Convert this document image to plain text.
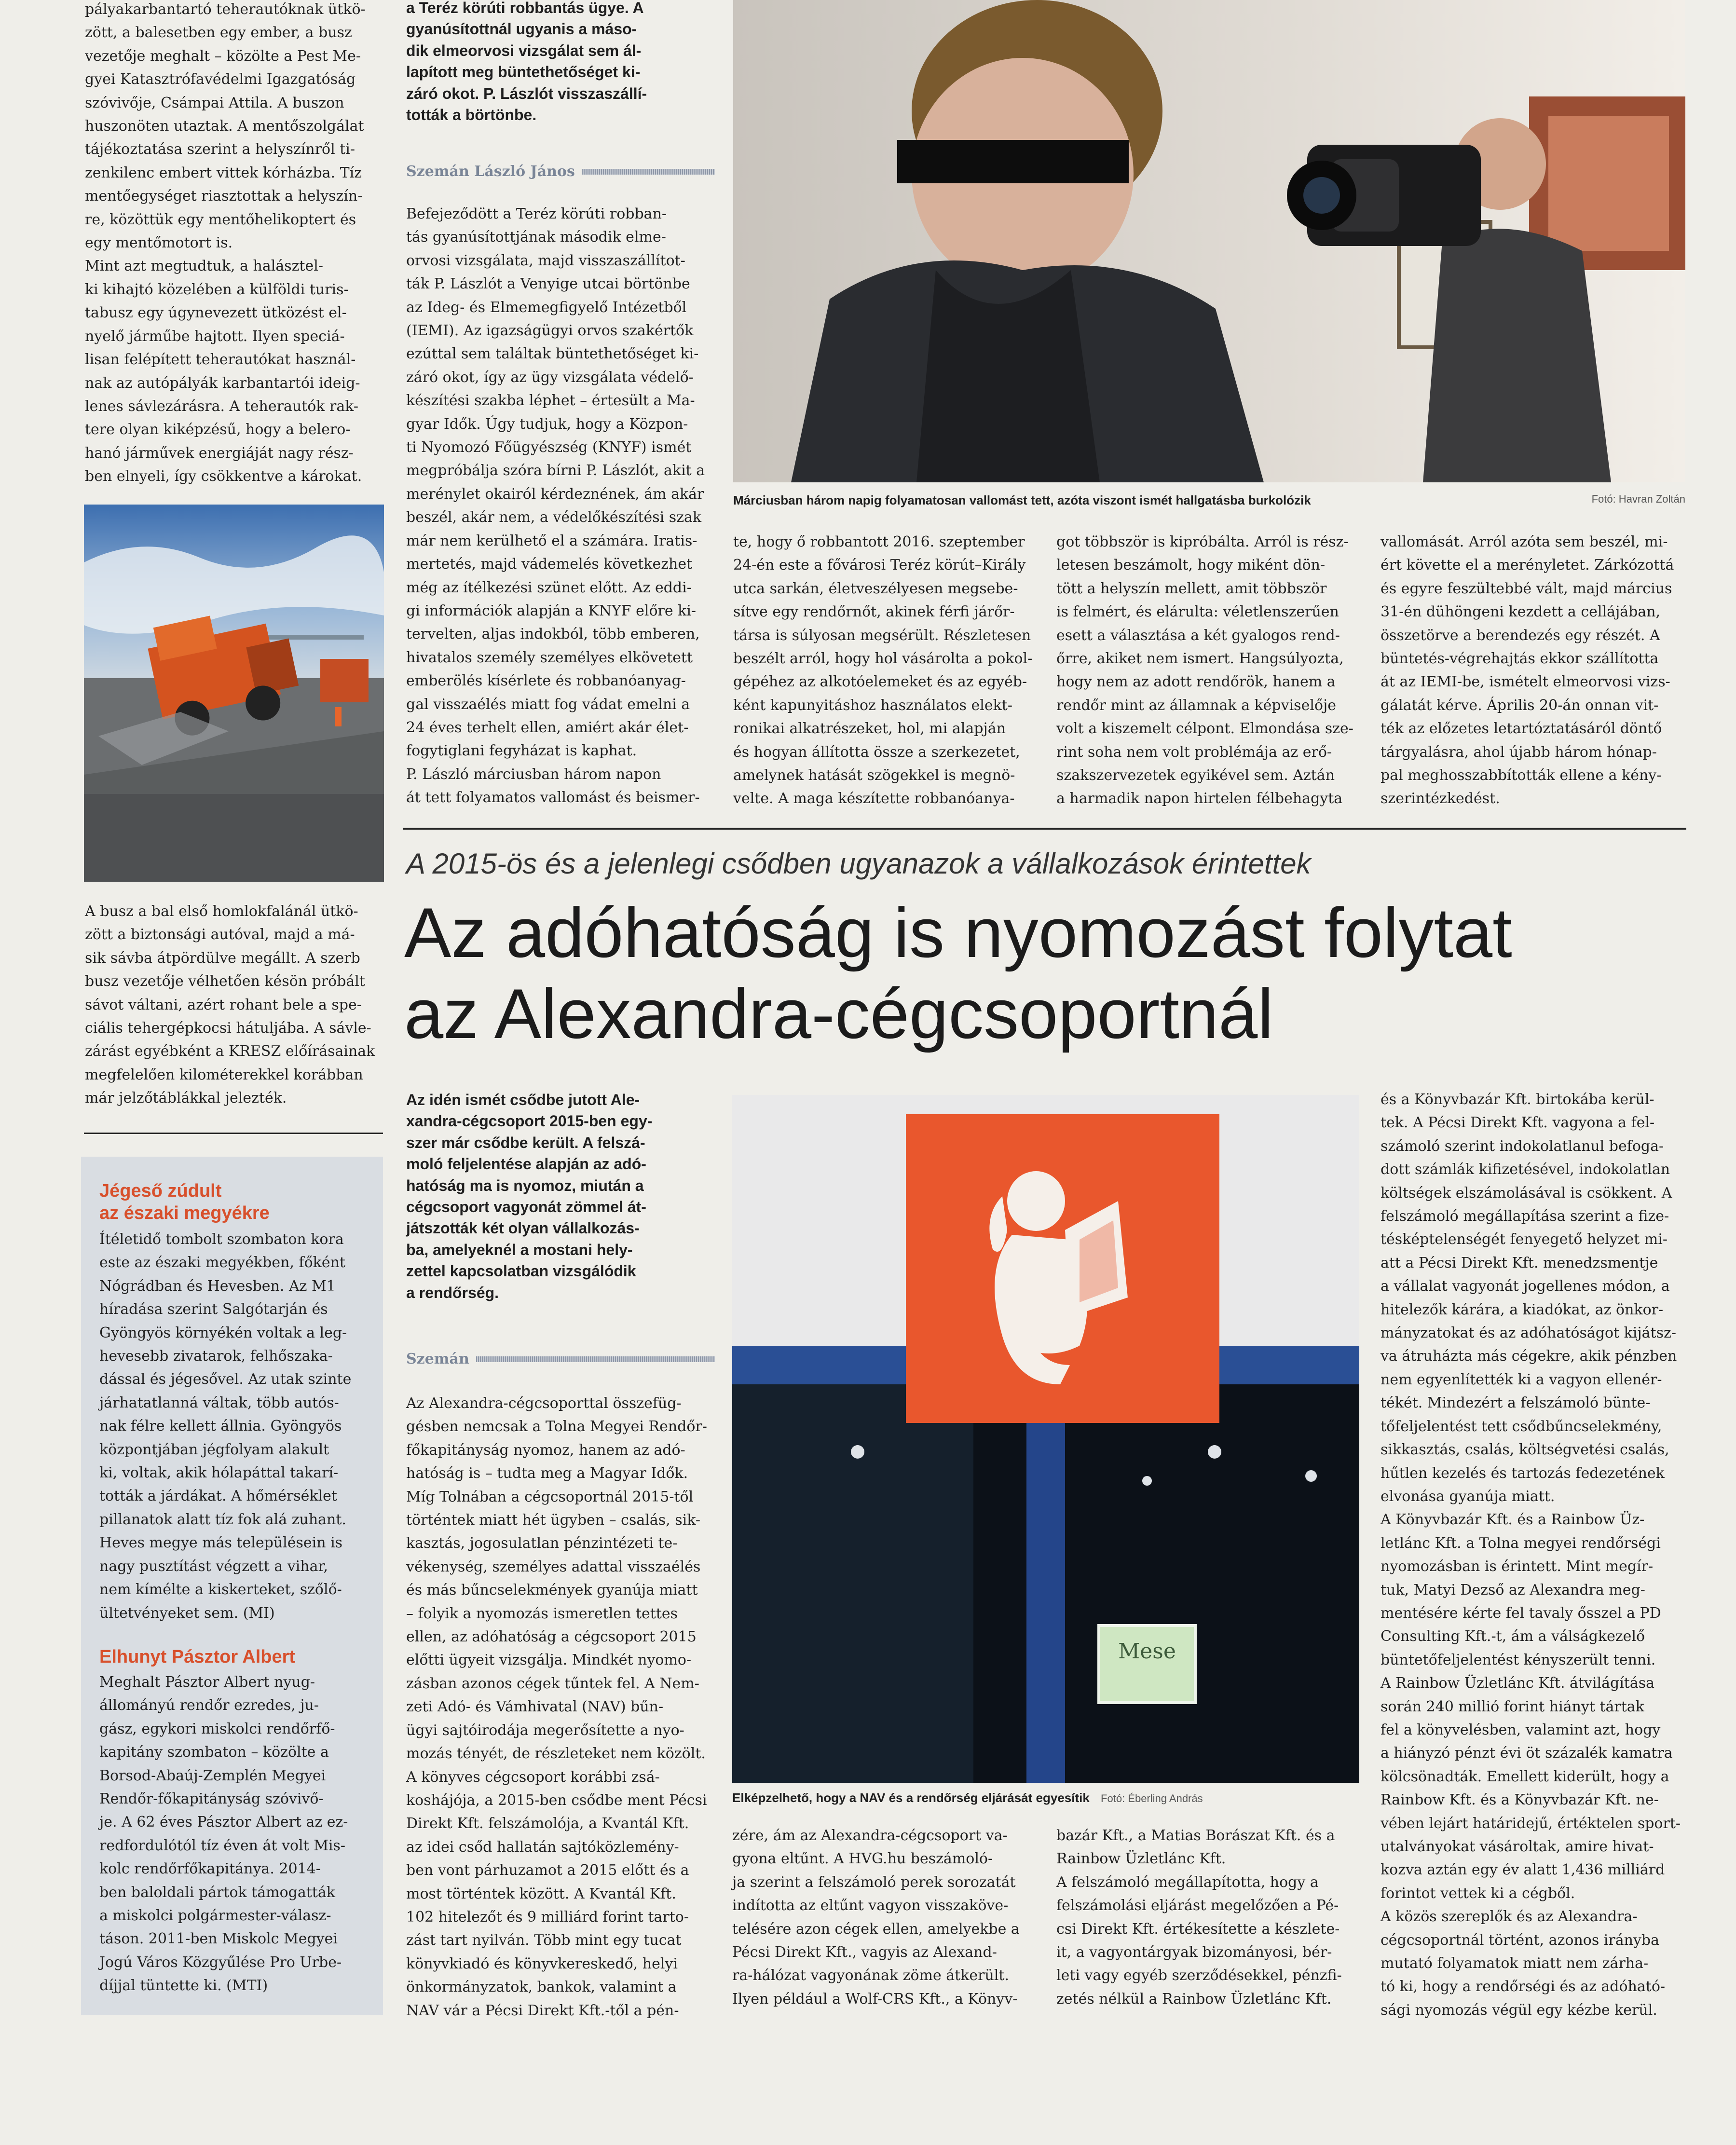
pályakarbantartó teherautóknak ütkö-
zött, a balesetben egy ember, a busz
vezetője meghalt – közölte a Pest Me-
gyei Katasztrófavédelmi Igazgatóság
szóvivője, Csámpai Attila. A buszon
huszonöten utaztak. A mentőszolgálat
tájékoztatása szerint a helyszínről ti-
zenkilenc embert vittek kórházba. Tíz
mentőegységet riasztottak a helyszín-
re, közöttük egy mentőhelikoptert és
egy mentőmotort is.
Mint azt megtudtuk, a halásztel-
ki kihajtó közelében a külföldi turis-
tabusz egy úgynevezett ütközést el-
nyelő járműbe hajtott. Ilyen speciá-
lisan felépített teherautókat használ-
nak az autópályák karbantartói ideig-
lenes sávlezárásra. A teherautók rak-
tere olyan kiképzésű, hogy a belero-
hanó járművek energiáját nagy rész-
ben elnyeli, így csökkentve a károkat.
A busz a bal első homlokfalánál ütkö-
zött a biztonsági autóval, majd a má-
sik sávba átpördülve megállt. A szerb
busz vezetője vélhetően késön próbált
sávot váltani, azért rohant bele a spe-
ciális tehergépkocsi hátuljába. A sávle-
zárást egyébként a KRESZ előírásainak
megfelelően kilométerekkel korábban
már jelzőtáblákkal jelezték.
Jégeső zúdult
az északi megyékre
Ítéletidő tombolt szombaton kora
este az északi megyékben, főként
Nógrádban és Hevesben. Az M1
híradása szerint Salgótarján és
Gyöngyös környékén voltak a leg-
hevesebb zivatarok, felhőszaka-
dással és jégesővel. Az utak szinte
járhatatlanná váltak, több autós-
nak félre kellett állnia. Gyöngyös
központjában jégfolyam alakult
ki, voltak, akik hólapáttal takarí-
tották a járdákat. A hőmérséklet
pillanatok alatt tíz fok alá zuhant.
Heves megye más településein is
nagy pusztítást végzett a vihar,
nem kímélte a kiskerteket, szőlő-
ültetvényeket sem. (MI)
Elhunyt Pásztor Albert
Meghalt Pásztor Albert nyug-
állományú rendőr ezredes, ju-
gász, egykori miskolci rendőrfő-
kapitány szombaton – közölte a
Borsod-Abaúj-Zemplén Megyei
Rendőr-főkapitányság szóvivő-
je. A 62 éves Pásztor Albert az ez-
redfordulótól tíz éven át volt Mis-
kolc rendőrfőkapitánya. 2014-
ben baloldali pártok támogatták
a miskolci polgármester-válasz-
táson. 2011-ben Miskolc Megyei
Jogú Város Közgyűlése Pro Urbe-
díjjal tüntette ki. (MTI)
a Teréz körúti robbantás ügye. A
gyanúsítottnál ugyanis a máso-
dik elmeorvosi vizsgálat sem ál-
lapított meg büntethetőséget ki-
záró okot. P. Lászlót visszaszállí-
tották a börtönbe.
Szemán László János
Befejeződött a Teréz körúti robban-
tás gyanúsítottjának második elme-
orvosi vizsgálata, majd visszaszállítot-
ták P. Lászlót a Venyige utcai börtönbe
az Ideg- és Elmemegfigyelő Intézetből
(IEMI). Az igazságügyi orvos szakértők
ezúttal sem találtak büntethetőséget ki-
záró okot, így az ügy vizsgálata védelő-
készítési szakba léphet – értesült a Ma-
gyar Idők. Úgy tudjuk, hogy a Közpon-
ti Nyomozó Főügyészség (KNYF) ismét
megpróbálja szóra bírni P. Lászlót, akit a
merénylet okairól kérdeznének, ám akár
beszél, akár nem, a védelőkészítési szak
már nem kerülhető el a számára. Iratis-
mertetés, majd vádemelés következhet
még az ítélkezési szünet előtt. Az eddi-
gi információk alapján a KNYF előre ki-
tervelten, aljas indokból, több emberen,
hivatalos személy személyes elkövetett
emberölés kísérlete és robbanóanyag-
gal visszaélés miatt fog vádat emelni a
24 éves terhelt ellen, amiért akár élet-
fogytiglani fegyházat is kaphat.
P. László márciusban három napon
át tett folyamatos vallomást és beismer-
Márciusban három napig folyamatosan vallomást tett, azóta viszont ismét hallgatásba burkolózik	Fotó: Havran Zoltán
te, hogy ő robbantott 2016. szeptember
24-én este a fővárosi Teréz körút–Király
utca sarkán, életveszélyesen megsebe-
sítve egy rendőrnőt, akinek férfi járőr-
társa is súlyosan megsérült. Részletesen
beszélt arról, hogy hol vásárolta a pokol-
gépéhez az alkotóelemeket és az egyéb-
ként kapunyitáshoz használatos elekt-
ronikai alkatrészeket, hol, mi alapján
és hogyan állította össze a szerkezetet,
amelynek hatását szögekkel is megnö-
velte. A maga készítette robbanóanya-
got többször is kipróbálta. Arról is rész-
letesen beszámolt, hogy miként dön-
tött a helyszín mellett, amit többször
is felmért, és elárulta: véletlenszerűen
esett a választása a két gyalogos rend-
őrre, akiket nem ismert. Hangsúlyozta,
hogy nem az adott rendőrök, hanem a
rendőr mint az államnak a képviselője
volt a kiszemelt célpont. Elmondása sze-
rint soha nem volt problémája az erő-
szakszervezetek egyikével sem. Aztán
a harmadik napon hirtelen félbehagyta
vallomását. Arról azóta sem beszél, mi-
ért követte el a merényletet. Zárkózottá
és egyre feszültebbé vált, majd március
31-én dühöngeni kezdett a cellájában,
összetörve a berendezés egy részét. A
büntetés-végrehajtás ekkor szállította
át az IEMI-be, ismételt elmeorvosi vizs-
gálatát kérve. Április 20-án onnan vit-
ték az előzetes letartóztatásáról döntő
tárgyalásra, ahol újabb három hónap-
pal meghosszabbították ellene a kény-
szerintézkedést.
A 2015-ös és a jelenlegi csődben ugyanazok a vállalkozások érintettek
Az adóhatóság is nyomozást folytat
az Alexandra-cégcsoportnál
Az idén ismét csődbe jutott Ale-
xandra-cégcsoport 2015-ben egy-
szer már csődbe került. A felszá-
moló feljelentése alapján az adó-
hatóság ma is nyomoz, miután a
cégcsoport vagyonát zömmel át-
játszották két olyan vállalkozás-
ba, amelyeknél a mostani hely-
zettel kapcsolatban vizsgálódik
a rendőrség.
Szemán
Az Alexandra-cégcsoporttal összefüg-
gésben nemcsak a Tolna Megyei Rendőr-
főkapitányság nyomoz, hanem az adó-
hatóság is – tudta meg a Magyar Idők.
Míg Tolnában a cégcsoportnál 2015-től
történtek miatt hét ügyben – csalás, sik-
kasztás, jogosulatlan pénzintézeti te-
vékenység, személyes adattal visszaélés
és más bűncselekmények gyanúja miatt
– folyik a nyomozás ismeretlen tettes
ellen, az adóhatóság a cégcsoport 2015
előtti ügyeit vizsgálja. Mindkét nyomo-
zásban azonos cégek tűntek fel. A Nem-
zeti Adó- és Vámhivatal (NAV) bűn-
ügyi sajtóirodája megerősítette a nyo-
mozás tényét, de részleteket nem közölt.
A könyves cégcsoport korábbi zsá-
koshájója, a 2015-ben csődbe ment Pécsi
Direkt Kft. felszámolója, a Kvantál Kft.
az idei csőd hallatán sajtóközlemény-
ben vont párhuzamot a 2015 előtt és a
most történtek között. A Kvantál Kft.
102 hitelezőt és 9 milliárd forint tarto-
zást tart nyilván. Több mint egy tucat
könyvkiadó és könyvkereskedő, helyi
önkormányzatok, bankok, valamint a
NAV vár a Pécsi Direkt Kft.-től a pén-
Mese
Elképzelhető, hogy a NAV és a rendőrség eljárását egyesítik Fotó: Éberling András
zére, ám az Alexandra-cégcsoport va-
gyona eltűnt. A HVG.hu beszámoló-
ja szerint a felszámoló perek sorozatát
indította az eltűnt vagyon visszaköve-
telésére azon cégek ellen, amelyekbe a
Pécsi Direkt Kft., vagyis az Alexand-
ra-hálózat vagyonának zöme átkerült.
Ilyen például a Wolf-CRS Kft., a Könyv-
bazár Kft., a Matias Borászat Kft. és a
Rainbow Üzletlánc Kft.
A felszámoló megállapította, hogy a
felszámolási eljárást megelőzően a Pé-
csi Direkt Kft. értékesítette a készlete-
it, a vagyontárgyak bizományosi, bér-
leti vagy egyéb szerződésekkel, pénzfi-
zetés nélkül a Rainbow Üzletlánc Kft.
és a Könyvbazár Kft. birtokába kerül-
tek. A Pécsi Direkt Kft. vagyona a fel-
számoló szerint indokolatlanul befoga-
dott számlák kifizetésével, indokolatlan
költségek elszámolásával is csökkent. A
felszámoló megállapítása szerint a fize-
tésképtelenségét fenyegető helyzet mi-
att a Pécsi Direkt Kft. menedzsmentje
a vállalat vagyonát jogellenes módon, a
hitelezők kárára, a kiadókat, az önkor-
mányzatokat és az adóhatóságot kijátsz-
va átruházta más cégekre, akik pénzben
nem egyenlítették ki a vagyon ellenér-
tékét. Mindezért a felszámoló bünte-
tőfeljelentést tett csődbűncselekmény,
sikkasztás, csalás, költségvetési csalás,
hűtlen kezelés és tartozás fedezetének
elvonása gyanúja miatt.
A Könyvbazár Kft. és a Rainbow Üz-
letlánc Kft. a Tolna megyei rendőrségi
nyomozásban is érintett. Mint megír-
tuk, Matyi Dezső az Alexandra meg-
mentésére kérte fel tavaly ősszel a PD
Consulting Kft.-t, ám a válságkezelő
büntetőfeljelentést kényszerült tenni.
A Rainbow Üzletlánc Kft. átvilágítása
során 240 millió forint hiányt tártak
fel a könyvelésben, valamint azt, hogy
a hiányzó pénzt évi öt százalék kamatra
kölcsönadták. Emellett kiderült, hogy a
Rainbow Kft. és a Könyvbazár Kft. ne-
vében lejárt határidejű, értéktelen sport-
utalványokat vásároltak, amire hivat-
kozva aztán egy év alatt 1,436 milliárd
forintot vettek ki a cégből.
A közös szereplők és az Alexandra-
cégcsoportnál történt, azonos irányba
mutató folyamatok miatt nem zárha-
tó ki, hogy a rendőrségi és az adóható-
sági nyomozás végül egy kézbe kerül.
